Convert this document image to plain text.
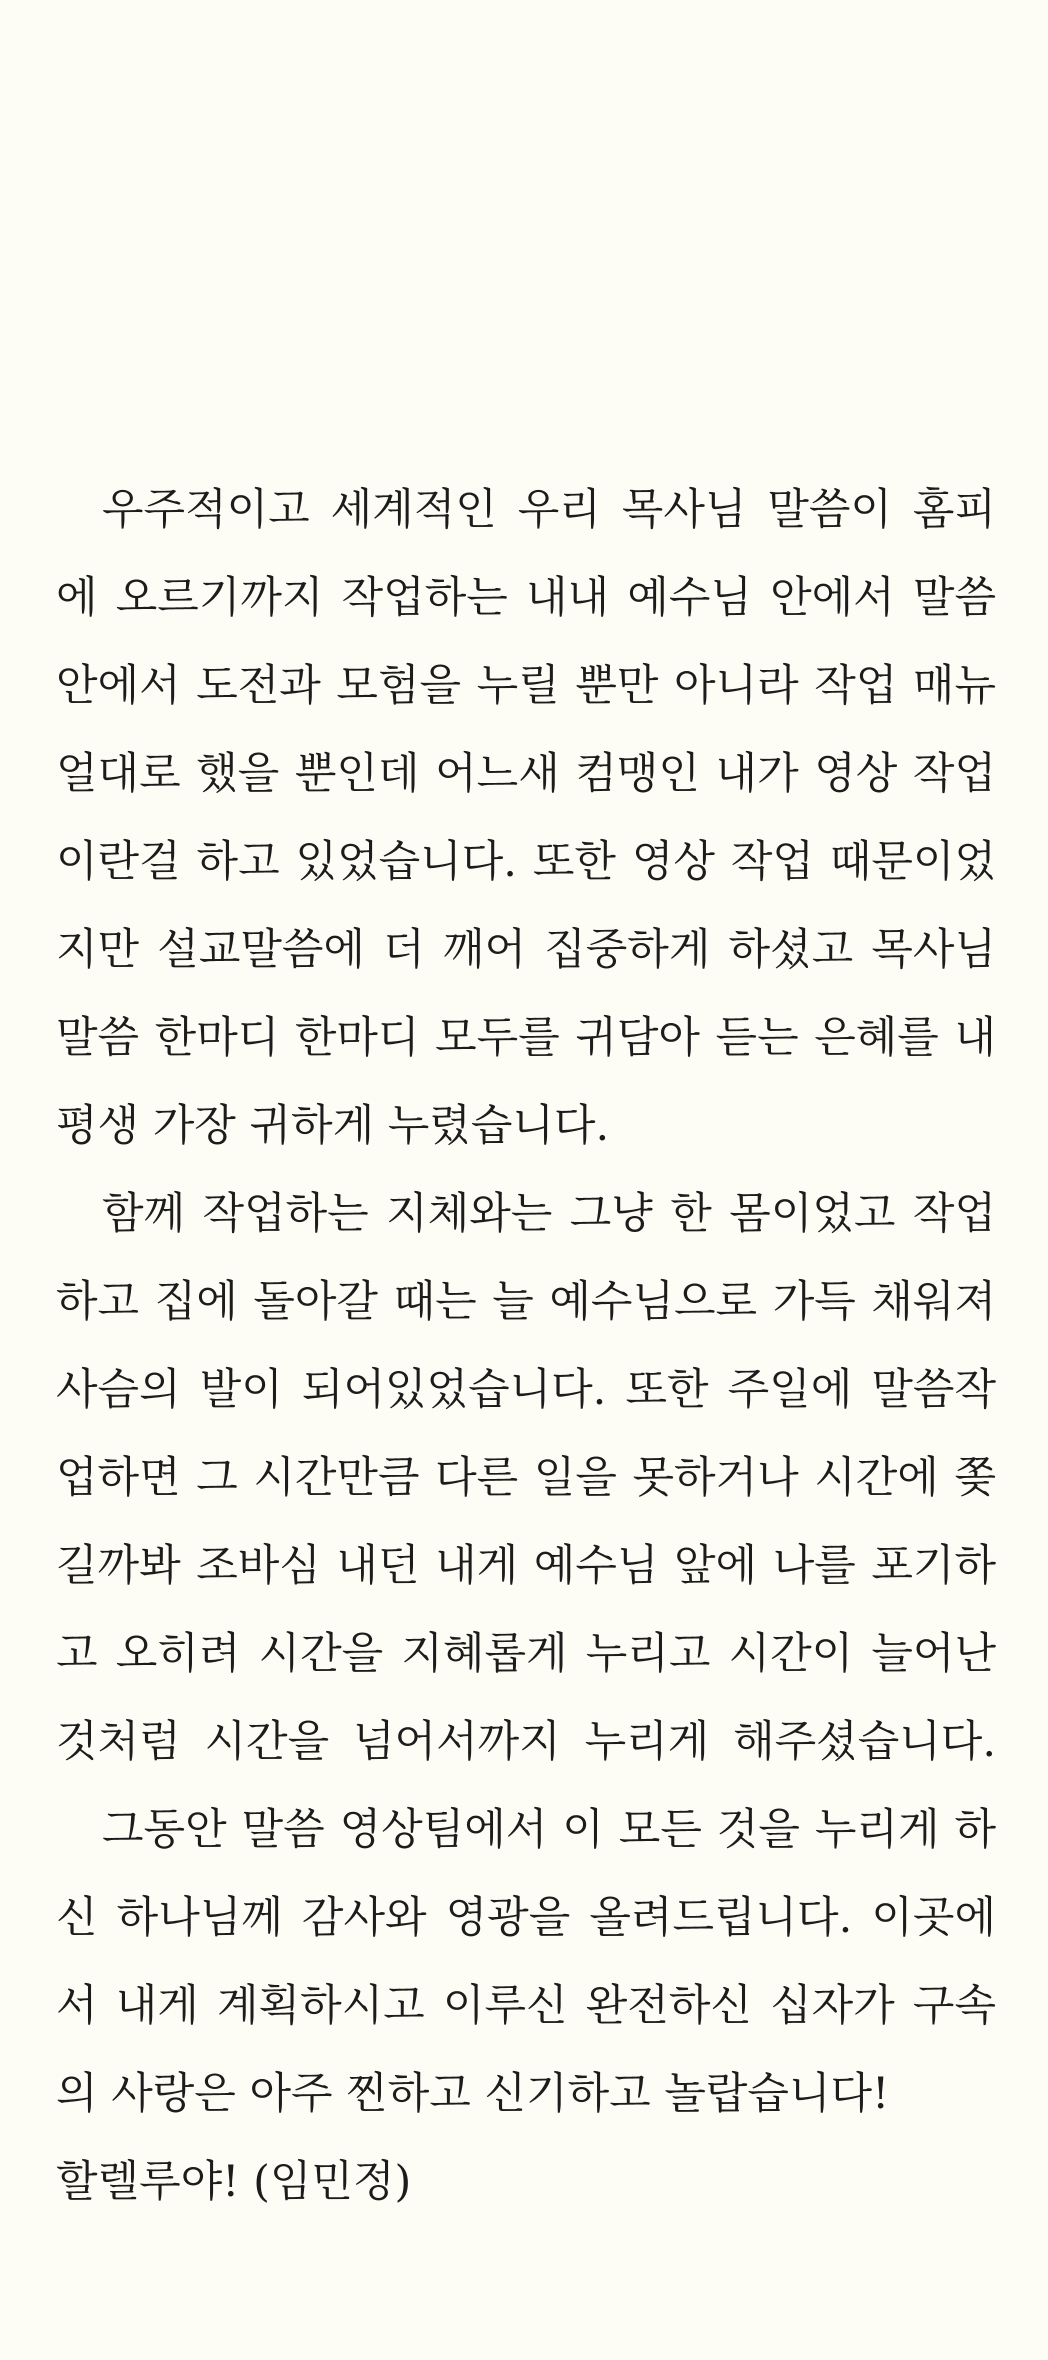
우주적이고 세계적인 우리 목사님 말씀이 홈피
에 오르기까지 작업하는 내내 예수님 안에서 말씀
안에서 도전과 모험을 누릴 뿐만 아니라 작업 매뉴
얼대로 했을 뿐인데 어느새 컴맹인 내가 영상 작업
이란걸 하고 있었습니다. 또한 영상 작업 때문이었
지만 설교말씀에 더 깨어 집중하게 하셨고 목사님
말씀 한마디 한마디 모두를 귀담아 듣는 은혜를 내
평생 가장 귀하게 누렸습니다.
함께 작업하는 지체와는 그냥 한 몸이었고 작업
하고 집에 돌아갈 때는 늘 예수님으로 가득 채워져
사슴의 발이 되어있었습니다. 또한 주일에 말씀작
업하면 그 시간만큼 다른 일을 못하거나 시간에 쫒
길까봐 조바심 내던 내게 예수님 앞에 나를 포기하
고 오히려 시간을 지혜롭게 누리고 시간이 늘어난
것처럼 시간을 넘어서까지 누리게 해주셨습니다.
그동안 말씀 영상팀에서 이 모든 것을 누리게 하
신 하나님께 감사와 영광을 올려드립니다. 이곳에
서 내게 계획하시고 이루신 완전하신 십자가 구속
의 사랑은 아주 찐하고 신기하고 놀랍습니다!
할렐루야! (임민정)
